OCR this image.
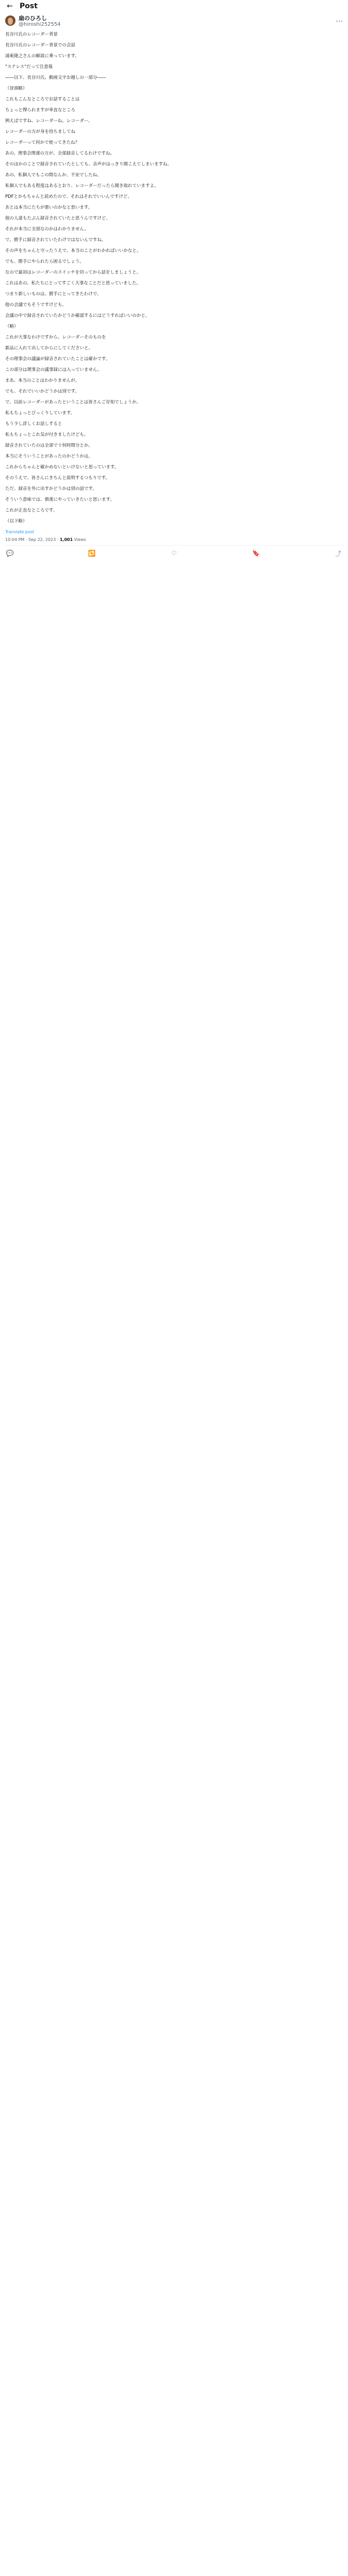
← Post
扇のひろし
@hiroshi252554
…
長谷川氏のレコーダー背景
長谷川氏のレコーダー背景での会話
浦東隆之さんの解説に乗っています。
"ステレス"だって注意報
――以下、長谷川氏、動画文字お越しの一部分――
（冒頭略）
これもこんなところでお話することは
ちょっと憚られますが率直なところ
例えばですね、レコーダーね、レコーダー、
レコーダーの方が身を持ちましてね
レコーダーって何かで使ってきたね？
あの、理事会関連の方が、全部録音してるわけですね。
そのほかのことで録音されていたとしても、音声がはっきり聞こえてしまいますね。
あの、私個人でもこの間なんか、不安でしたね。
私個人でもある程度はあるとおり、レコーダーだったら聞き取れていますよ。
PDFとかもちゃんと読めたので、それはそれでいいんですけど、
あとは本当にたちが悪いのかなと思います。
他の人達もたぶん録音されていたと思うんですけど、
それが本当に全部なのかはわかりません。
で、勝手に録音されていたわけではないんですね。
その声をちゃんと守ったうえで、本当のことがわかればいいかなと。
でも、勝手にやられたら困るでしょう。
なので最初はレコーダーのスイッチを切ってから話をしましょうと。
これはあの、私たちにとってすごく大事なことだと思っていました。
つまり新しいものは、勝手にとってきたわけで、
他の会議でもそうですけども、
会議の中で録音されていたかどうか確認するにはどうすればいいのかと。
（略）
これが大事なわけですから、レコーダーそのものを
新品に入れて出してからにしてくださいと。
その理事会の議論が録音されていたことは確かです。
この部分は理事会の議事録には入っていません。
まあ、本当のことはわかりませんが。
でも、それでいいかどうかは別です。
で、以前レコーダーがあったということは皆さんご存知でしょうか。
私もちょっとびっくりしています。
もう少し詳しくお話しすると
私もちょっとこれ気が付きましたけども。
録音されていたのは全部で十何時間分とか。
本当にそういうことがあったのかどうかは、
これからちゃんと確かめないといけないと思っています。
そのうえで、皆さんにきちんと説明するつもりです。
ただ、録音を外に出すかどうかは別の話です。
そういう意味では、慎重にやっていきたいと思います。
これが正直なところです。
（以下略）
Translate post
10:04 PM · Sep 22, 2023 · 1,001 Views
💬	🔁	♡	🔖	⤴
